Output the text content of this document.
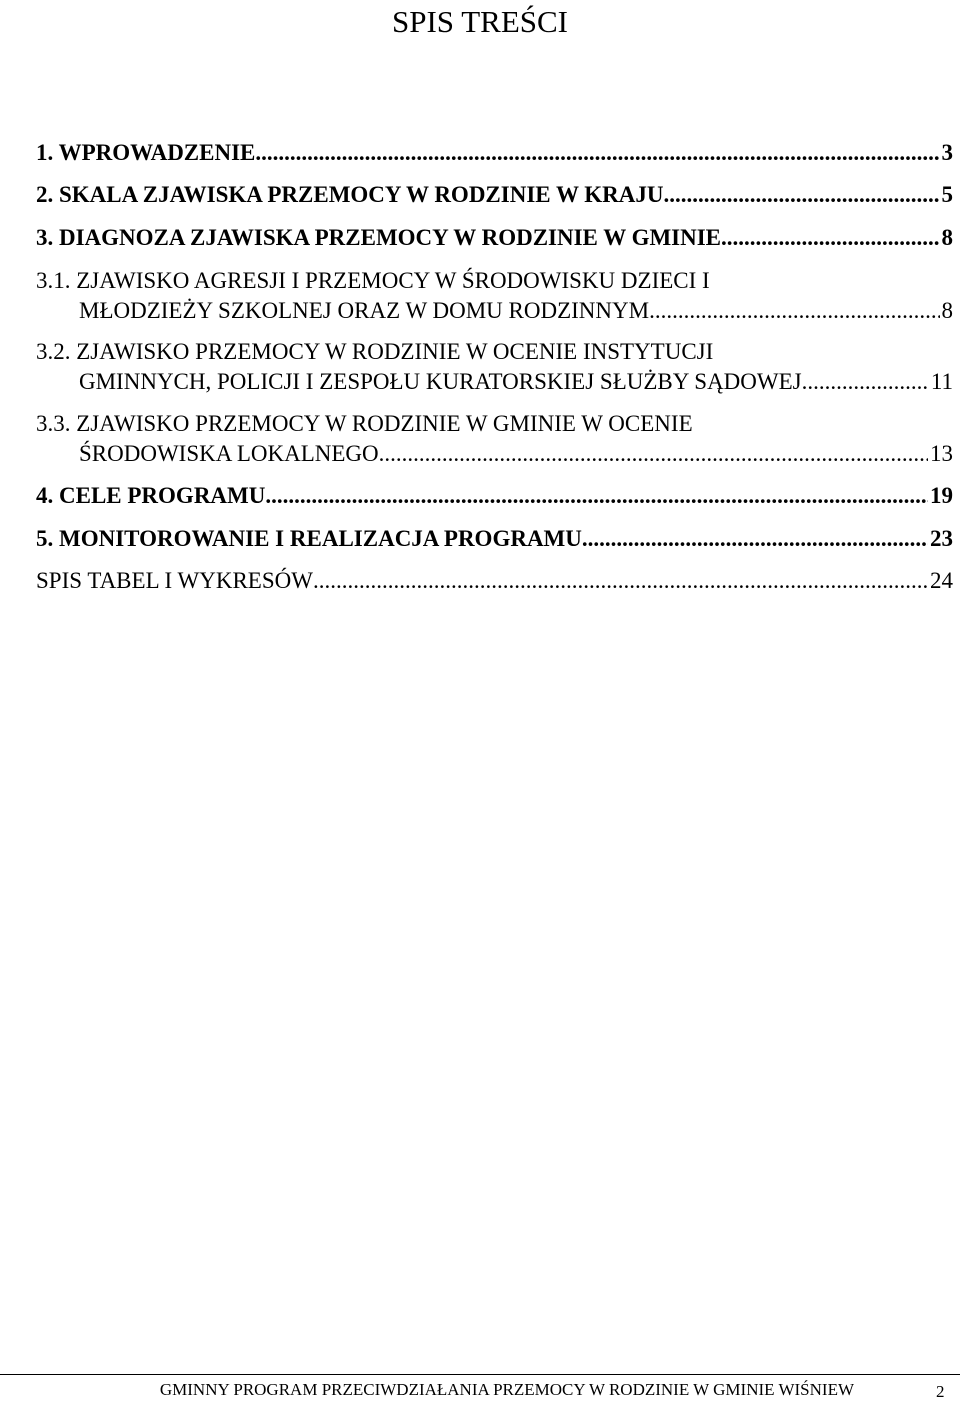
SPIS TREŚCI
1. WPROWADZENIE .....	3
2. SKALA ZJAWISKA PRZEMOCY W RODZINIE W KRAJU .....	5
3. DIAGNOZA ZJAWISKA PRZEMOCY W RODZINIE W GMINIE .....	8
3.1. ZJAWISKO AGRESJI I PRZEMOCY W ŚRODOWISKU DZIECI I
MŁODZIEŻY SZKOLNEJ ORAZ W DOMU RODZINNYM .....	8
3.2. ZJAWISKO PRZEMOCY W RODZINIE W OCENIE INSTYTUCJI
GMINNYCH, POLICJI I ZESPOŁU KURATORSKIEJ SŁUŻBY SĄDOWEJ .....	11
3.3. ZJAWISKO PRZEMOCY W RODZINIE W GMINIE W OCENIE
ŚRODOWISKA LOKALNEGO .....	13
4. CELE PROGRAMU .....	19
5. MONITOROWANIE I REALIZACJA PROGRAMU .....	23
SPIS TABEL I WYKRESÓW .....	24
GMINNY PROGRAM PRZECIWDZIAŁANIA PRZEMOCY W RODZINIE W GMINIE WIŚNIEW	2
